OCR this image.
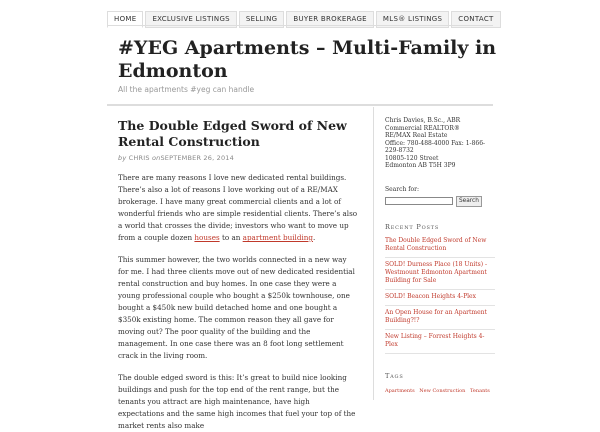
HOME	EXCLUSIVE LISTINGS	SELLING	BUYER BROKERAGE	MLS® LISTINGS	CONTACT
#YEG Apartments – Multi-Family in Edmonton
All the apartments #yeg can handle
The Double Edged Sword of New Rental Construction
by CHRIS onSEPTEMBER 26, 2014

There are many reasons I love new dedicated rental buildings. There’s also a lot of reasons I love working out of a RE/MAX brokerage. I have many great commercial clients and a lot of wonderful friends who are simple residential clients. There’s also a world that crosses the divide; investors who want to move up from a couple dozen houses to an apartment building.

This summer however, the two worlds connected in a new way for me. I had three clients move out of new dedicated residential rental construction and buy homes. In one case they were a young professional couple who bought a $250k townhouse, one bought a $450k new build detached home and one bought a $350k existing home. The common reason they all gave for moving out? The poor quality of the building and the management. In one case there was an 8 foot long settlement crack in the living room.

The double edged sword is this: It’s great to build nice looking buildings and push for the top end of the rent range, but the tenants you attract are high maintenance, have high expectations and the same high incomes that fuel your top of the market rents also make

Chris Davies, B.Sc., ABR
Commercial REALTOR®
RE/MAX Real Estate
Office: 780-488-4000 Fax: 1-866-229-8732
10805-120 Street
Edmonton AB T5H 3P9
Search for:
Search
Recent Posts
The Double Edged Sword of New Rental Construction
SOLD! Durness Place (18 Units) - Westmount Edmonton Apartment Building for Sale
SOLD! Beacon Heights 4-Plex
An Open House for an Apartment Building?!?
New Listing – Forrest Heights 4-Plex
Tags
Apartments New Construction Tenants
